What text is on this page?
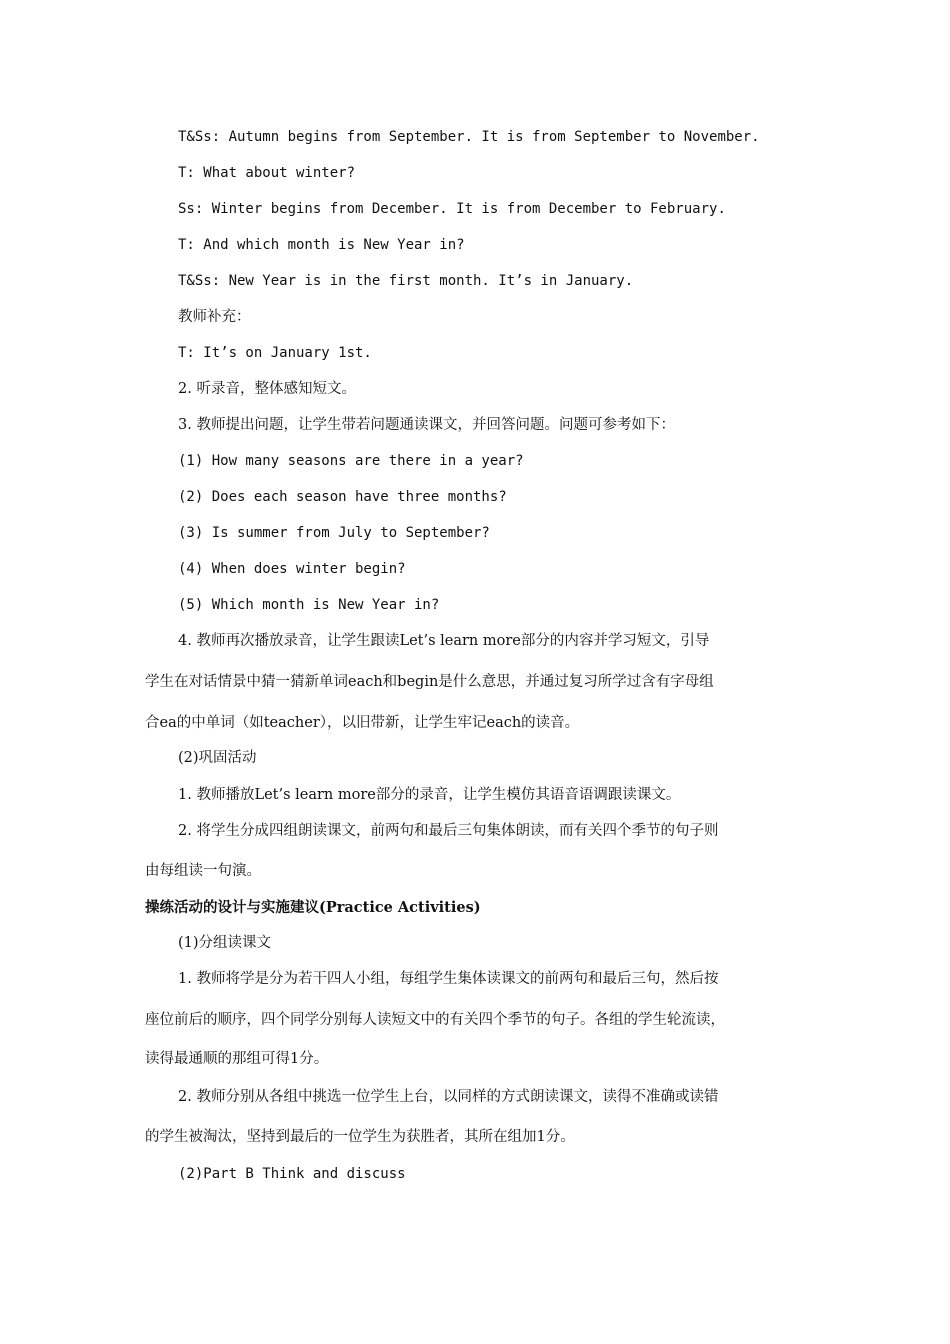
T&Ss: Autumn begins from September. It is from September to November.
T: What about winter?
Ss: Winter begins from December. It is from December to February.
T: And which month is New Year in?
T&Ss: New Year is in the first month. It’s in January.
教师补充：
T: It’s on January 1st.
2. 听录音，整体感知短文。
3. 教师提出问题，让学生带若问题通读课文，并回答问题。问题可参考如下：
(1) How many seasons are there in a year?
(2) Does each season have three months?
(3) Is summer from July to September?
(4) When does winter begin?
(5) Which month is New Year in?
4. 教师再次播放录音，让学生跟读Let’s learn more部分的内容并学习短文，引导
学生在对话情景中猜一猜新单词each和begin是什么意思，并通过复习所学过含有字母组
合ea的中单词（如teacher），以旧带新，让学生牢记each的读音。
(2)巩固活动
1. 教师播放Let’s learn more部分的录音，让学生模仿其语音语调跟读课文。
2. 将学生分成四组朗读课文，前两句和最后三句集体朗读，而有关四个季节的句子则
由每组读一句演。
操练活动的设计与实施建议(Practice Activities)
(1)分组读课文
1. 教师将学是分为若干四人小组，每组学生集体读课文的前两句和最后三句，然后按
座位前后的顺序，四个同学分别每人读短文中的有关四个季节的句子。各组的学生轮流读，
读得最通顺的那组可得1分。
2. 教师分别从各组中挑选一位学生上台，以同样的方式朗读课文，读得不准确或读错
的学生被淘汰，坚持到最后的一位学生为获胜者，其所在组加1分。
(2)Part B Think and discuss
